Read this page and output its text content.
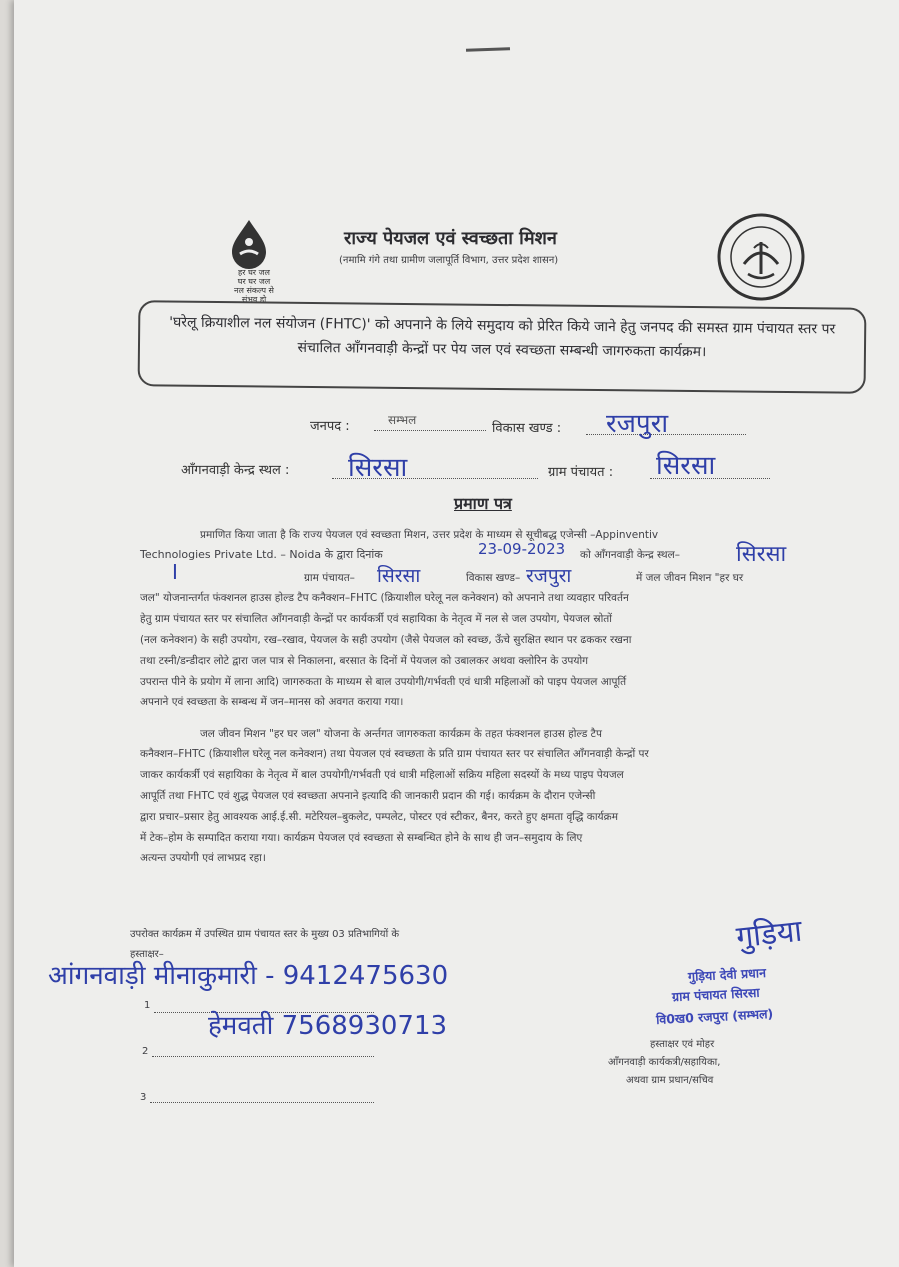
हर घर जल
घर घर जल
नल संकल्प से संभव हो
राज्य पेयजल एवं स्वच्छता मिशन
(नमामि गंगे तथा ग्रामीण जलापूर्ति विभाग, उत्तर प्रदेश शासन)
'घरेलू क्रियाशील नल संयोजन (FHTC)' को अपनाने के लिये समुदाय को प्रेरित किये जाने हेतु जनपद की समस्त ग्राम पंचायत स्तर पर संचालित ऑंगनवाड़ी केन्द्रों पर पेय जल एवं स्वच्छता सम्बन्धी जागरुकता कार्यक्रम।
जनपद :	सम्भल
विकास खण्ड : रजपुरा
ऑंगनवाड़ी केन्द्र स्थल : सिरसा	ग्राम पंचायत : सिरसा
प्रमाण पत्र
प्रमाणित किया जाता है कि राज्य पेयजल एवं स्वच्छता मिशन, उत्तर प्रदेश के माध्यम से सूचीबद्ध एजेन्सी –Appinventiv
Technologies Private Ltd. – Noida के द्वारा दिनांक	23-09-2023 को आँगनवाड़ी केन्द्र स्थल–	सिरसा
I	ग्राम पंचायत– सिरसा	विकास खण्ड– रजपुरा	में जल जीवन मिशन "हर घर
जल" योजनान्तर्गत फंक्शनल हाउस होल्ड टैप कनैक्शन–FHTC (क्रियाशील घरेलू नल कनेक्शन) को अपनाने तथा व्यवहार परिवर्तन
हेतु ग्राम पंचायत स्तर पर संचालित ऑंगनवाड़ी केन्द्रों पर कार्यकर्त्री एवं सहायिका के नेतृत्व में नल से जल उपयोग, पेयजल स्रोतों
(नल कनेक्शन) के सही उपयोग, रख–रखाव, पेयजल के सही उपयोग (जैसे पेयजल को स्वच्छ, ऊँचे सुरक्षित स्थान पर ढककर रखना
तथा टस्नी/डन्डीदार लोटे द्वारा जल पात्र से निकालना, बरसात के दिनों में पेयजल को उबालकर अथवा क्लोरिन के उपयोग
उपरान्त पीने के प्रयोग में लाना आदि) जागरुकता के माध्यम से बाल उपयोगी/गर्भवती एवं धात्री महिलाओं को पाइप पेयजल आपूर्ति
अपनाने एवं स्वच्छता के सम्बन्ध में जन–मानस को अवगत कराया गया।
जल जीवन मिशन "हर घर जल" योजना के अर्न्तगत जागरुकता कार्यक्रम के तहत फंक्शनल हाउस होल्ड टैप
कनैक्शन–FHTC (क्रियाशील घरेलू नल कनेक्शन) तथा पेयजल एवं स्वच्छता के प्रति ग्राम पंचायत स्तर पर संचालित ऑंगनवाड़ी केन्द्रों पर
जाकर कार्यकर्त्री एवं सहायिका के नेतृत्व में बाल उपयोगी/गर्भवती एवं धात्री महिलाओं सक्रिय महिला सदस्यों के मध्य पाइप पेयजल
आपूर्ति तथा FHTC एवं शुद्ध पेयजल एवं स्वच्छता अपनाने इत्यादि की जानकारी प्रदान की गई। कार्यक्रम के दौरान एजेन्सी
द्वारा प्रचार–प्रसार हेतु आवश्यक आई.ई.सी. मटेरियल–बुकलेट, पम्पलेट, पोस्टर एवं स्टीकर, बैनर, करते हुए क्षमता वृद्धि कार्यक्रम
में टेक–होम के सम्पादित कराया गया। कार्यक्रम पेयजल एवं स्वच्छता से सम्बन्धित होने के साथ ही जन–समुदाय के लिए
अत्यन्त उपयोगी एवं लाभप्रद रहा।
उपरोक्त कार्यक्रम में उपस्थित ग्राम पंचायत स्तर के मुख्य 03 प्रतिभागियों के
हस्ताक्षर–
आंगनवाड़ी मीनाकुमारी - 9412475630
1
हेमवती 7568930713
2
3
गुड़िया
गुड़िया देवी प्रधान
ग्राम पंचायत सिरसा
वि0ख0 रजपुरा (सम्भल)
हस्ताक्षर एवं मोहर
ऑंगनवाड़ी कार्यकत्री/सहायिका,
अथवा ग्राम प्रधान/सचिव
